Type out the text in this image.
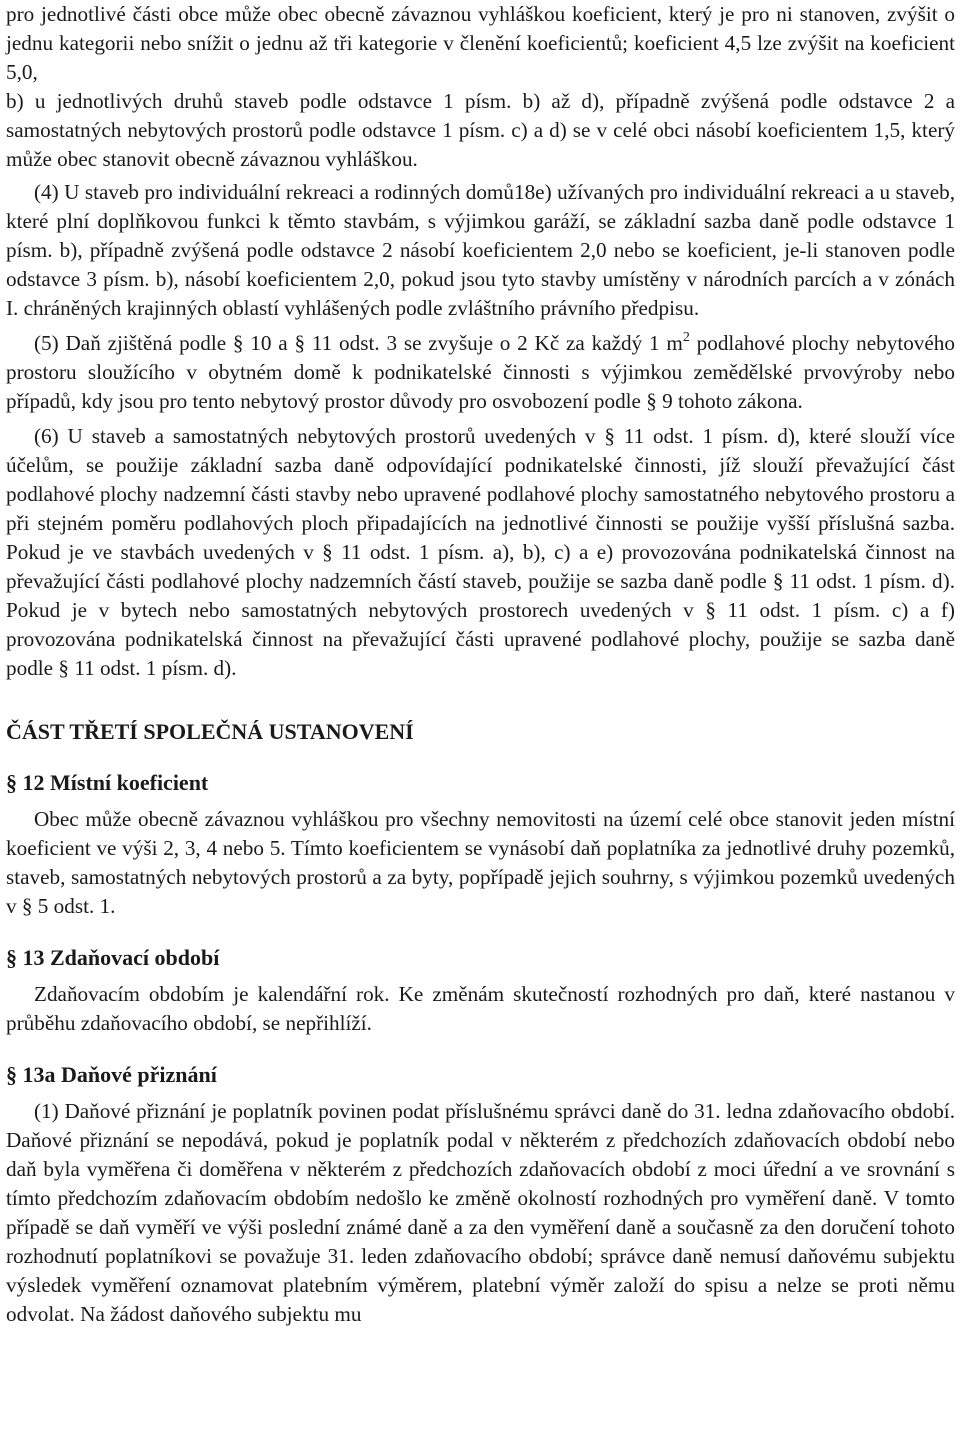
pro jednotlivé části obce může obec obecně závaznou vyhláškou koeficient, který je pro ni stanoven, zvýšit o jednu kategorii nebo snížit o jednu až tři kategorie v členění koeficientů; koeficient 4,5 lze zvýšit na koeficient 5,0,

b) u jednotlivých druhů staveb podle odstavce 1 písm. b) až d), případně zvýšená podle odstavce 2 a samostatných nebytových prostorů podle odstavce 1 písm. c) a d) se v celé obci násobí koeficientem 1,5, který může obec stanovit obecně závaznou vyhláškou.

(4) U staveb pro individuální rekreaci a rodinných domů18e) užívaných pro individuální rekreaci a u staveb, které plní doplňkovou funkci k těmto stavbám, s výjimkou garáží, se základní sazba daně podle odstavce 1 písm. b), případně zvýšená podle odstavce 2 násobí koeficientem 2,0 nebo se koeficient, je-li stanoven podle odstavce 3 písm. b), násobí koeficientem 2,0, pokud jsou tyto stavby umístěny v národních parcích a v zónách I. chráněných krajinných oblastí vyhlášených podle zvláštního právního předpisu.

(5) Daň zjištěná podle § 10 a § 11 odst. 3 se zvyšuje o 2 Kč za každý 1 $m^2$ podlahové plochy nebytového prostoru sloužícího v obytném domě k podnikatelské činnosti s výjimkou zemědělské prvovýroby nebo případů, kdy jsou pro tento nebytový prostor důvody pro osvobození podle § 9 tohoto zákona.

(6) U staveb a samostatných nebytových prostorů uvedených v § 11 odst. 1 písm. d), které slouží více účelům, se použije základní sazba daně odpovídající podnikatelské činnosti, jíž slouží převažující část podlahové plochy nadzemní části stavby nebo upravené podlahové plochy samostatného nebytového prostoru a při stejném poměru podlahových ploch připadajících na jednotlivé činnosti se použije vyšší příslušná sazba. Pokud je ve stavbách uvedených v § 11 odst. 1 písm. a), b), c) a e) provozována podnikatelská činnost na převažující části podlahové plochy nadzemních částí staveb, použije se sazba daně podle § 11 odst. 1 písm. d). Pokud je v bytech nebo samostatných nebytových prostorech uvedených v § 11 odst. 1 písm. c) a f) provozována podnikatelská činnost na převažující části upravené podlahové plochy, použije se sazba daně podle § 11 odst. 1 písm. d).

ČÁST TŘETÍ SPOLEČNÁ USTANOVENÍ
§ 12 Místní koeficient

Obec může obecně závaznou vyhláškou pro všechny nemovitosti na území celé obce stanovit jeden místní koeficient ve výši 2, 3, 4 nebo 5. Tímto koeficientem se vynásobí daň poplatníka za jednotlivé druhy pozemků, staveb, samostatných nebytových prostorů a za byty, popřípadě jejich souhrny, s výjimkou pozemků uvedených v § 5 odst. 1.

§ 13 Zdaňovací období

Zdaňovacím obdobím je kalendářní rok. Ke změnám skutečností rozhodných pro daň, které nastanou v průběhu zdaňovacího období, se nepřihlíží.

§ 13a Daňové přiznání

(1) Daňové přiznání je poplatník povinen podat příslušnému správci daně do 31. ledna zdaňovacího období. Daňové přiznání se nepodává, pokud je poplatník podal v některém z předchozích zdaňovacích období nebo daň byla vyměřena či doměřena v některém z předchozích zdaňovacích období z moci úřední a ve srovnání s tímto předchozím zdaňovacím obdobím nedošlo ke změně okolností rozhodných pro vyměření daně. V tomto případě se daň vyměří ve výši poslední známé daně a za den vyměření daně a současně za den doručení tohoto rozhodnutí poplatníkovi se považuje 31. leden zdaňovacího období; správce daně nemusí daňovému subjektu výsledek vyměření oznamovat platebním výměrem, platební výměr založí do spisu a nelze se proti němu odvolat. Na žádost daňového subjektu mu
